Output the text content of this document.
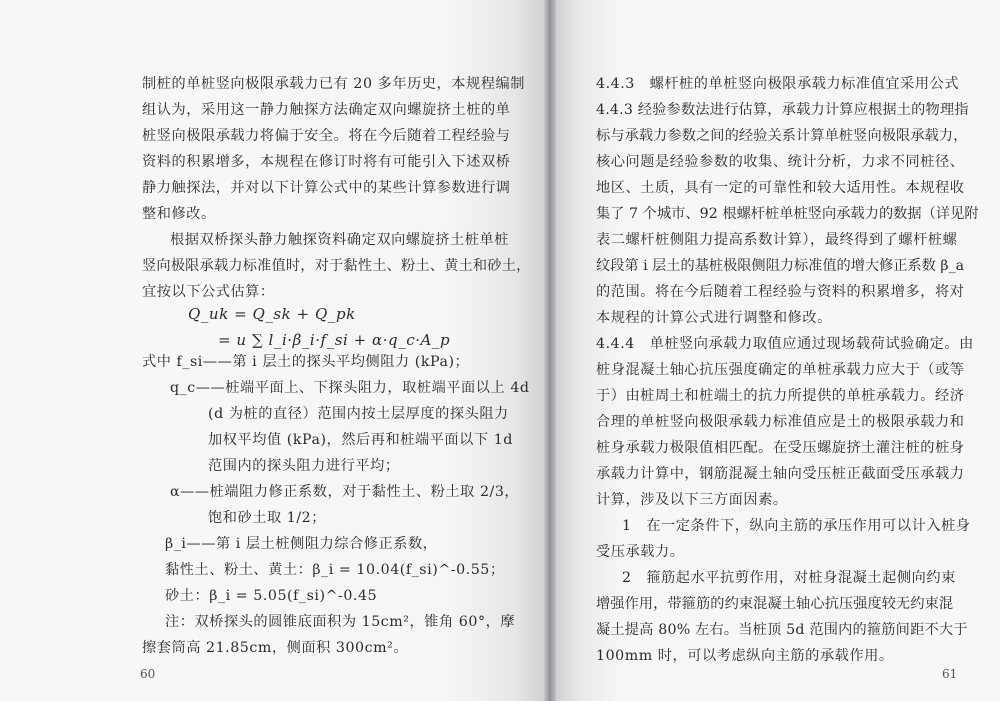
制桩的单桩竖向极限承载力已有 20 多年历史，本规程编制
组认为，采用这一静力触探方法确定双向螺旋挤土桩的单
桩竖向极限承载力将偏于安全。将在今后随着工程经验与
资料的积累增多，本规程在修订时将有可能引入下述双桥
静力触探法，并对以下计算公式中的某些计算参数进行调
整和修改。
根据双桥探头静力触探资料确定双向螺旋挤土桩单桩
竖向极限承载力标准值时，对于黏性土、粉土、黄土和砂土，
宜按以下公式估算：
Q_uk = Q_sk + Q_pk
= u ∑ l_i·β_i·f_si + α·q_c·A_p
式中 f_si——第 i 层土的探头平均侧阻力 (kPa)；
q_c——桩端平面上、下探头阻力，取桩端平面以上 4d
(d 为桩的直径）范围内按土层厚度的探头阻力
加权平均值 (kPa)，然后再和桩端平面以下 1d
范围内的探头阻力进行平均；
α——桩端阻力修正系数，对于黏性土、粉土取 2/3，
饱和砂土取 1/2；
β_i——第 i 层土桩侧阻力综合修正系数，
黏性土、粉土、黄土：β_i = 10.04(f_si)^-0.55；
砂土：β_i = 5.05(f_si)^-0.45
注：双桥探头的圆锥底面积为 15cm²，锥角 60°，摩
擦套筒高 21.85cm，侧面积 300cm²。
60
4.4.3　螺杆桩的单桩竖向极限承载力标准值宜采用公式
4.4.3 经验参数法进行估算，承载力计算应根据土的物理指
标与承载力参数之间的经验关系计算单桩竖向极限承载力，
核心问题是经验参数的收集、统计分析，力求不同桩径、
地区、土质，具有一定的可靠性和较大适用性。本规程收
集了 7 个城市、92 根螺杆桩单桩竖向承载力的数据（详见附
表二螺杆桩侧阻力提高系数计算），最终得到了螺杆桩螺
纹段第 i 层土的基桩极限侧阻力标准值的增大修正系数 β_a
的范围。将在今后随着工程经验与资料的积累增多，将对
本规程的计算公式进行调整和修改。
4.4.4　单桩竖向承载力取值应通过现场载荷试验确定。由
桩身混凝土轴心抗压强度确定的单桩承载力应大于（或等
于）由桩周土和桩端土的抗力所提供的单桩承载力。经济
合理的单桩竖向极限承载力标准值应是土的极限承载力和
桩身承载力极限值相匹配。在受压螺旋挤土灌注桩的桩身
承载力计算中，钢筋混凝土轴向受压桩正截面受压承载力
计算，涉及以下三方面因素。
1　在一定条件下，纵向主筋的承压作用可以计入桩身
受压承载力。
2　箍筋起水平抗剪作用，对桩身混凝土起侧向约束
增强作用，带箍筋的约束混凝土轴心抗压强度较无约束混
凝土提高 80% 左右。当桩顶 5d 范围内的箍筋间距不大于
100mm 时，可以考虑纵向主筋的承载作用。
61
